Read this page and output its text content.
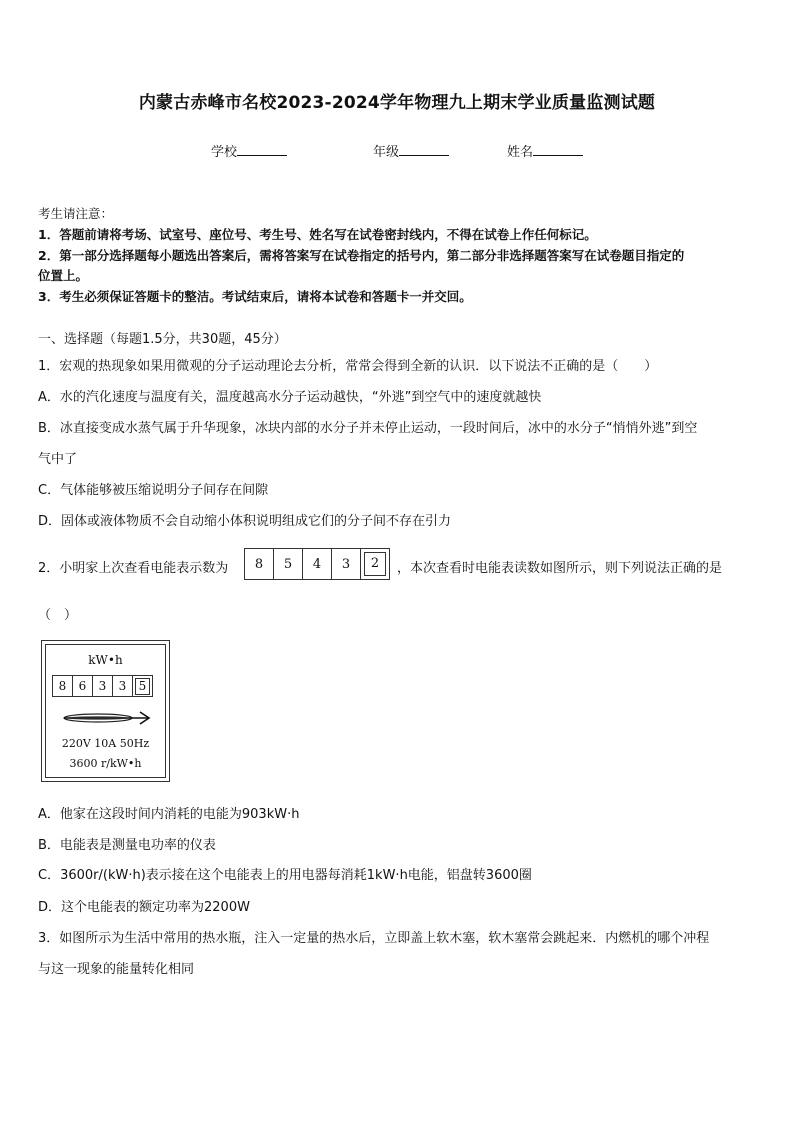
内蒙古赤峰市名校2023-2024学年物理九上期末学业质量监测试题
学校	年级	姓名
考生请注意：
1．答题前请将考场、试室号、座位号、考生号、姓名写在试卷密封线内，不得在试卷上作任何标记。
2．第一部分选择题每小题选出答案后，需将答案写在试卷指定的括号内，第二部分非选择题答案写在试卷题目指定的
位置上。
3．考生必须保证答题卡的整洁。考试结束后，请将本试卷和答题卡一并交回。
一、选择题（每题1.5分，共30题，45分）
1．宏观的热现象如果用微观的分子运动理论去分析，常常会得到全新的认识．以下说法不正确的是（　　）
A．水的汽化速度与温度有关，温度越高水分子运动越快，“外逃”到空气中的速度就越快
B．冰直接变成水蒸气属于升华现象，冰块内部的水分子并未停止运动，一段时间后，冰中的水分子“悄悄外逃”到空
气中了
C．气体能够被压缩说明分子间存在间隙
D．固体或液体物质不会自动缩小体积说明组成它们的分子间不存在引力
2．小明家上次查看电能表示数为	8	5	4	3	2	，本次查看时电能表读数如图所示，则下列说法正确的是
（　）
kW•h
8	6	3	3	5
220V 10A 50Hz
3600 r/kW•h
A．他家在这段时间内消耗的电能为903kW·h
B．电能表是测量电功率的仪表
C．3600r/(kW·h)表示接在这个电能表上的用电器每消耗1kW·h电能，铝盘转3600圈
D．这个电能表的额定功率为2200W
3．如图所示为生活中常用的热水瓶，注入一定量的热水后，立即盖上软木塞，软木塞常会跳起来．内燃机的哪个冲程
与这一现象的能量转化相同
